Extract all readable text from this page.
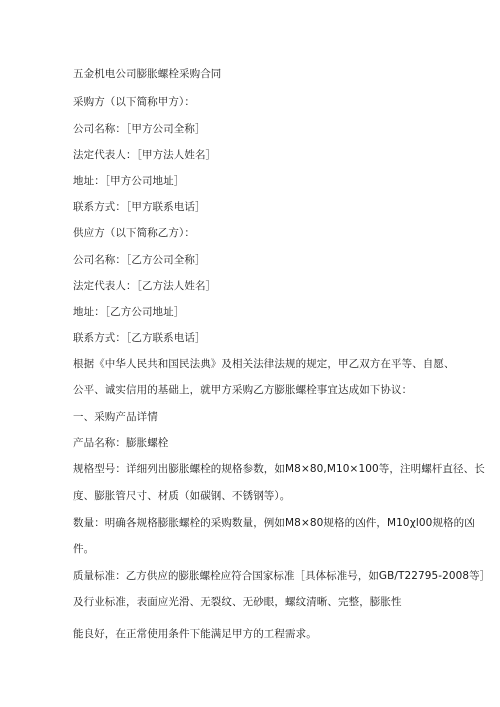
五金机电公司膨胀螺栓采购合同
采购方（以下简称甲方）：
公司名称：［甲方公司全称］
法定代表人：［甲方法人姓名］
地址：［甲方公司地址］
联系方式：［甲方联系电话］
供应方（以下简称乙方）：
公司名称：［乙方公司全称］
法定代表人：［乙方法人姓名］
地址：［乙方公司地址］
联系方式：［乙方联系电话］
根据《中华人民共和国民法典》及相关法律法规的规定，甲乙双方在平等、自愿、
公平、诚实信用的基础上，就甲方采购乙方膨胀螺栓事宜达成如下协议：
一、采购产品详情
产品名称：膨胀螺栓
规格型号：详细列出膨胀螺栓的规格参数，如M8×80,M10×100等，注明螺杆直径、长
度、膨胀管尺寸、材质（如碳钢、不锈钢等）。
数量：明确各规格膨胀螺栓的采购数量，例如M8×80规格的凶件，M10χl00规格的凶
件。
质量标准：乙方供应的膨胀螺栓应符合国家标准［具体标准号，如GB/T22795-2008等］
及行业标准，表面应光滑、无裂纹、无砂眼，螺纹清晰、完整，膨胀性
能良好，在正常使用条件下能满足甲方的工程需求。
